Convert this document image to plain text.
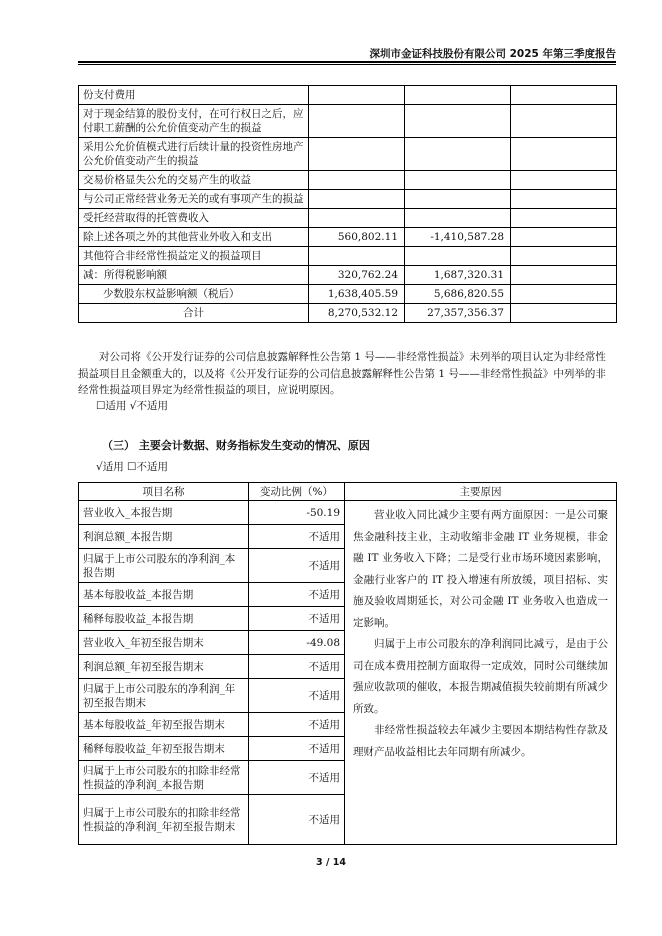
深圳市金证科技股份有限公司 2025 年第三季度报告
份支付费用			
对于现金结算的股份支付，在可行权日之后，应付职工薪酬的公允价值变动产生的损益			
采用公允价值模式进行后续计量的投资性房地产公允价值变动产生的损益			
交易价格显失公允的交易产生的收益			
与公司正常经营业务无关的或有事项产生的损益			
受托经营取得的托管费收入			
除上述各项之外的其他营业外收入和支出	560,802.11	-1,410,587.28	
其他符合非经常性损益定义的损益项目			
减：所得税影响额	320,762.24	1,687,320.31	
少数股东权益影响额（税后）	1,638,405.59	5,686,820.55	
合计	8,270,532.12	27,357,356.37	
对公司将《公开发行证券的公司信息披露解释性公告第 1 号——非经常性损益》未列举的项目认定为非经常性损益项目且金额重大的，以及将《公开发行证券的公司信息披露解释性公告第 1 号——非经常性损益》中列举的非经常性损益项目界定为经常性损益的项目，应说明原因。
☐适用 √不适用
（三） 主要会计数据、财务指标发生变动的情况、原因
√适用 ☐不适用
项目名称	变动比例（%）	主要原因
营业收入_本报告期	-50.19	营业收入同比减少主要有两方面原因：一是公司聚焦金融科技主业，主动收缩非金融 IT 业务规模，非金融 IT 业务收入下降；二是受行业市场环境因素影响，金融行业客户的 IT 投入增速有所放缓，项目招标、实施及验收周期延长，对公司金融 IT 业务收入也造成一定影响。

归属于上市公司股东的净利润同比减亏，是由于公司在成本费用控制方面取得一定成效，同时公司继续加强应收款项的催收，本报告期减值损失较前期有所减少所致。

非经常性损益较去年减少主要因本期结构性存款及理财产品收益相比去年同期有所减少。

利润总额_本报告期	不适用	
归属于上市公司股东的净利润_本报告期	不适用	
基本每股收益_本报告期	不适用	
稀释每股收益_本报告期	不适用	
营业收入_年初至报告期末	-49.08	
利润总额_年初至报告期末	不适用	
归属于上市公司股东的净利润_年初至报告期末	不适用	
基本每股收益_年初至报告期末	不适用	
稀释每股收益_年初至报告期末	不适用	
归属于上市公司股东的扣除非经常性损益的净利润_本报告期	不适用	
归属于上市公司股东的扣除非经常性损益的净利润_年初至报告期末	不适用	
3 / 14
